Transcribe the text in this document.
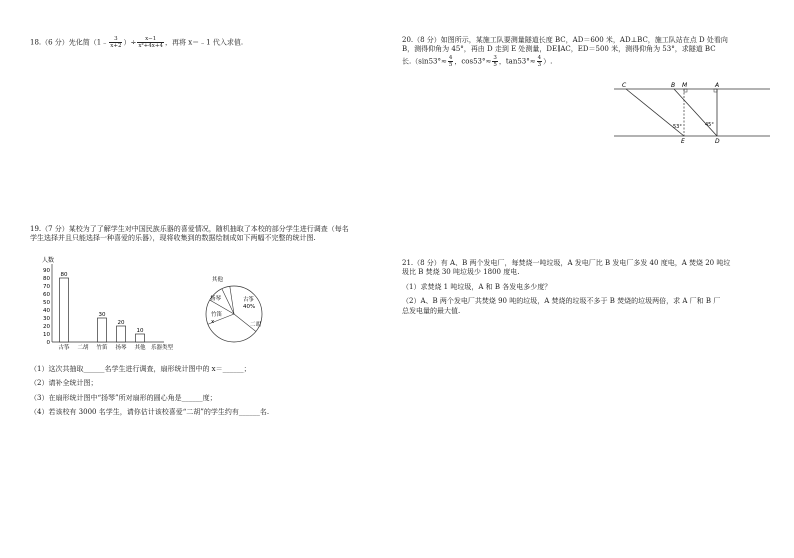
18.（6 分）先化简（1﹣ $\frac{3}{x+2}$ ）÷ $\frac{x-1}{\text{x²+4x+4}}$ ，再将 x＝﹣1 代入求值.
19.（7 分）某校为了了解学生对中国民族乐器的喜爱情况，随机抽取了本校的部分学生进行调查（每名
学生选择并且只能选择一种喜爱的乐器），现将收集到的数据绘制成如下两幅不完整的统计图.
人数
0
10
20
30
40
50
60
70
80
90
80
古筝 二胡
30
竹笛
20
扬琴
10
其他 乐器类型
古筝
40%
二胡
竹笛
x
扬琴
其他
（1）这次共抽取______名学生进行调查，扇形统计图中的 x＝______；
（2）请补全统计图；
（3）在扇形统计图中“扬琴”所对扇形的圆心角是______度；
（4）若该校有 3000 名学生，请你估计该校喜爱“二胡”的学生约有______名.
20.（8 分）如图所示，某施工队要测量隧道长度 BC，AD＝600 米，AD⊥BC，施工队站在点 D 处看向
B，测得仰角为 45°，再由 D 走到 E 处测量，DE∥AC，ED＝500 米，测得仰角为 53°，求隧道 BC
长$.(\sin 53^\circ\approx \frac{4}{5}$ ，$\cos 53^\circ\approx \frac{3}{5}$ ，$\tan 53^\circ\approx \frac{4}{3}$ ）.
C	B M	A
E	D
53°	45°
21.（8 分）有 A、B 两个发电厂，每焚烧一吨垃圾，A 发电厂比 B 发电厂多发 40 度电，A 焚烧 20 吨垃
圾比 B 焚烧 30 吨垃圾少 1800 度电.
（1）求焚烧 1 吨垃圾，A 和 B 各发电多少度？
（2）A、B 两个发电厂共焚烧 90 吨的垃圾，A 焚烧的垃圾不多于 B 焚烧的垃圾两倍，求 A 厂和 B 厂
总发电量的最大值.
